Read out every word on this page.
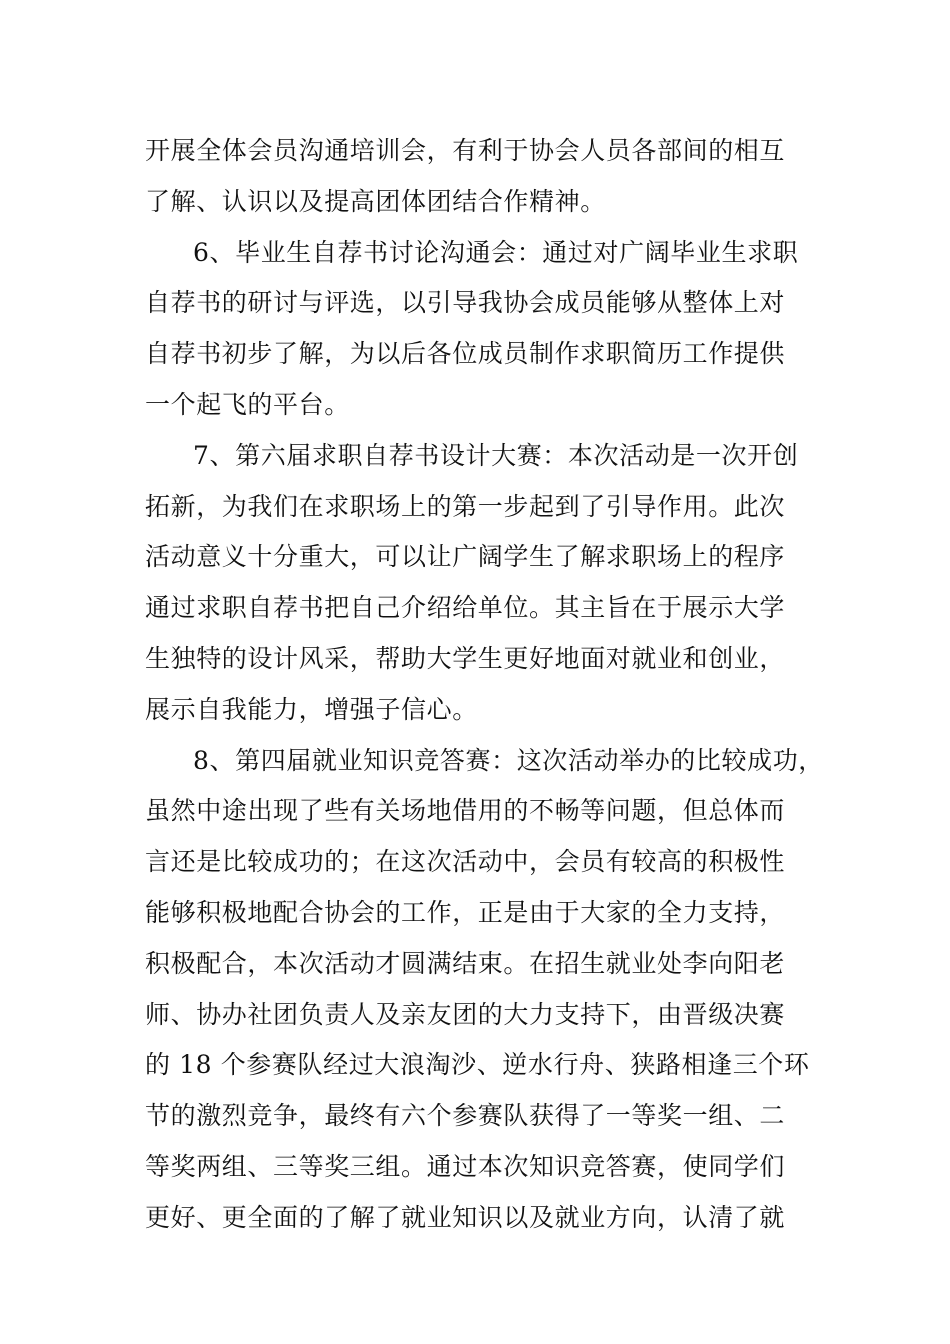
开展全体会员沟通培训会，有利于协会人员各部间的相互
了解、认识以及提高团体团结合作精神。
6、毕业生自荐书讨论沟通会：通过对广阔毕业生求职
自荐书的研讨与评选，以引导我协会成员能够从整体上对
自荐书初步了解，为以后各位成员制作求职简历工作提供
一个起飞的平台。
7、第六届求职自荐书设计大赛：本次活动是一次开创
拓新，为我们在求职场上的第一步起到了引导作用。此次
活动意义十分重大，可以让广阔学生了解求职场上的程序
通过求职自荐书把自己介绍给单位。其主旨在于展示大学
生独特的设计风采，帮助大学生更好地面对就业和创业，
展示自我能力，增强子信心。
8、第四届就业知识竞答赛：这次活动举办的比较成功，
虽然中途出现了些有关场地借用的不畅等问题，但总体而
言还是比较成功的；在这次活动中，会员有较高的积极性
能够积极地配合协会的工作，正是由于大家的全力支持，
积极配合，本次活动才圆满结束。在招生就业处李向阳老
师、协办社团负责人及亲友团的大力支持下，由晋级决赛
的 18 个参赛队经过大浪淘沙、逆水行舟、狭路相逢三个环
节的激烈竞争，最终有六个参赛队获得了一等奖一组、二
等奖两组、三等奖三组。通过本次知识竞答赛，使同学们
更好、更全面的了解了就业知识以及就业方向，认清了就
